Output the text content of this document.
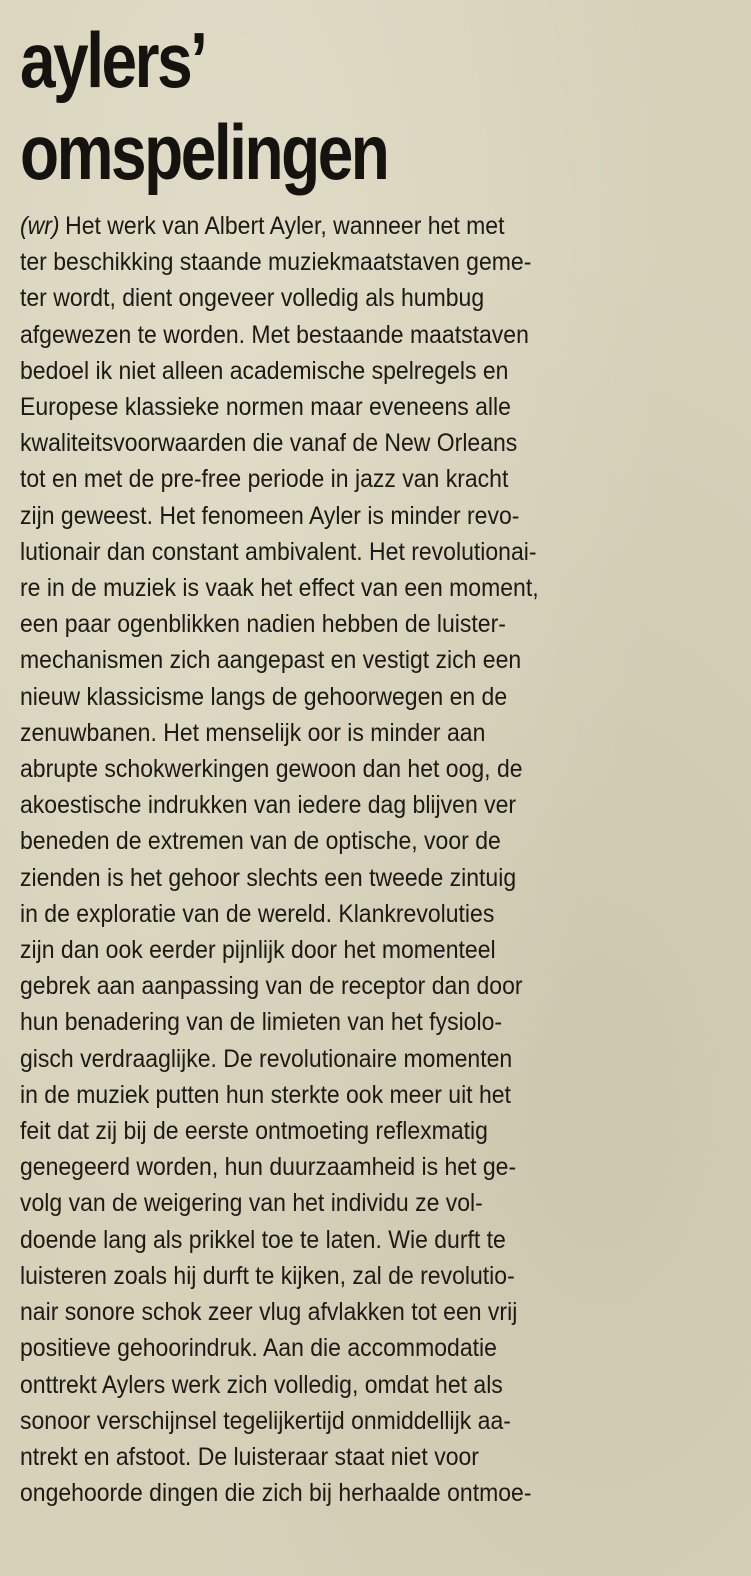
aylers’
omspelingen
(wr) Het werk van Albert Ayler, wanneer het met
ter beschikking staande muziekmaatstaven geme-
ter wordt, dient ongeveer volledig als humbug
afgewezen te worden. Met bestaande maatstaven
bedoel ik niet alleen academische spelregels en
Europese klassieke normen maar eveneens alle
kwaliteitsvoorwaarden die vanaf de New Orleans
tot en met de pre-free periode in jazz van kracht
zijn geweest. Het fenomeen Ayler is minder revo-
lutionair dan constant ambivalent. Het revolutionai-
re in de muziek is vaak het effect van een moment,
een paar ogenblikken nadien hebben de luister-
mechanismen zich aangepast en vestigt zich een
nieuw klassicisme langs de gehoorwegen en de
zenuwbanen. Het menselijk oor is minder aan
abrupte schokwerkingen gewoon dan het oog, de
akoestische indrukken van iedere dag blijven ver
beneden de extremen van de optische, voor de
zienden is het gehoor slechts een tweede zintuig
in de exploratie van de wereld. Klankrevoluties
zijn dan ook eerder pijnlijk door het momenteel
gebrek aan aanpassing van de receptor dan door
hun benadering van de limieten van het fysiolo-
gisch verdraaglijke. De revolutionaire momenten
in de muziek putten hun sterkte ook meer uit het
feit dat zij bij de eerste ontmoeting reflexmatig
genegeerd worden, hun duurzaamheid is het ge-
volg van de weigering van het individu ze vol-
doende lang als prikkel toe te laten. Wie durft te
luisteren zoals hij durft te kijken, zal de revolutio-
nair sonore schok zeer vlug afvlakken tot een vrij
positieve gehoorindruk. Aan die accommodatie
onttrekt Aylers werk zich volledig, omdat het als
sonoor verschijnsel tegelijkertijd onmiddellijk aa-
ntrekt en afstoot. De luisteraar staat niet voor
ongehoorde dingen die zich bij herhaalde ontmoe-
